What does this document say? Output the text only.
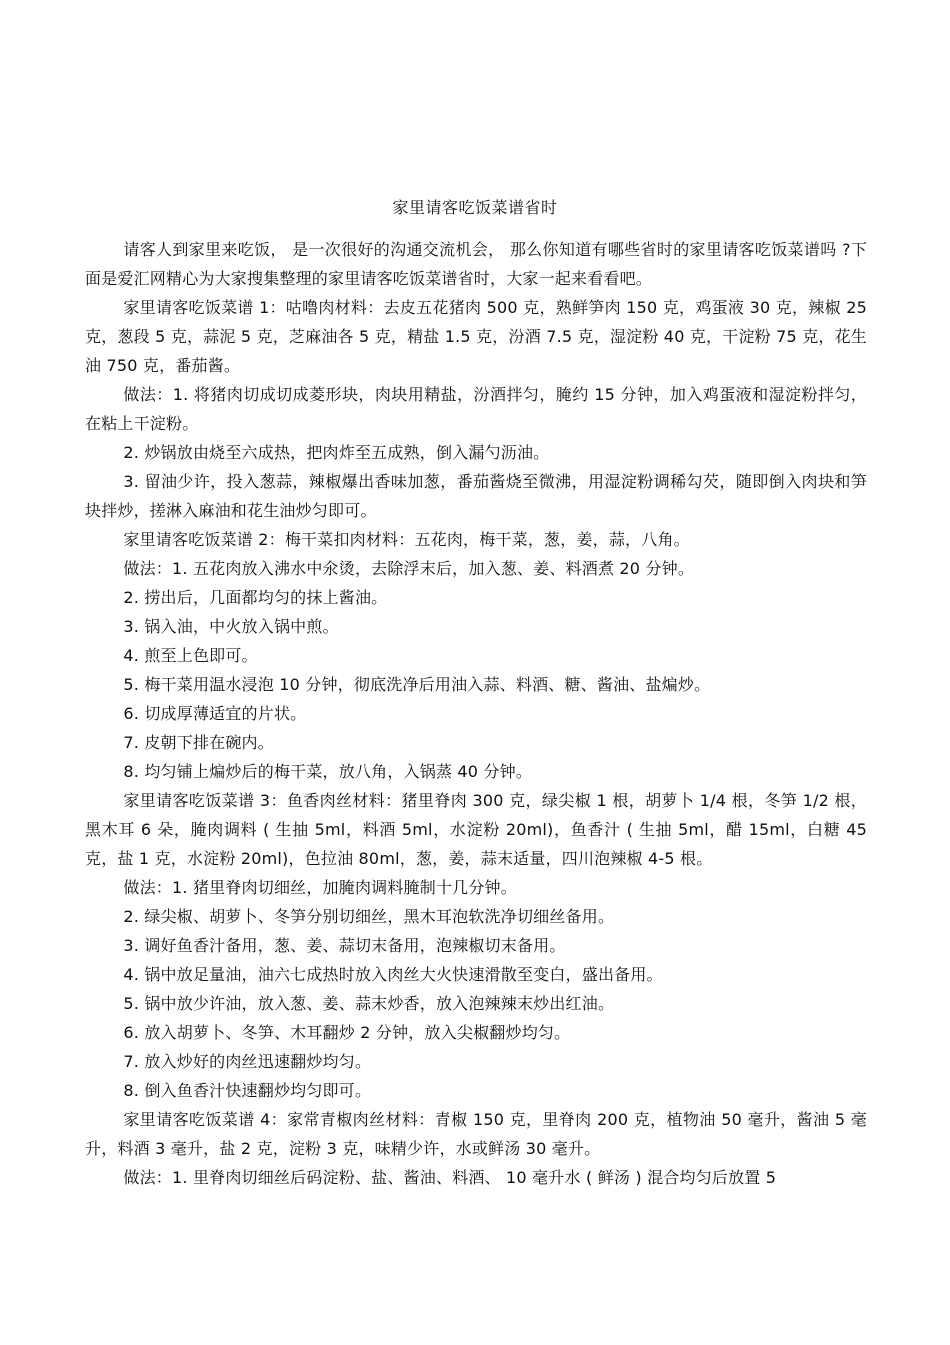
家里请客吃饭菜谱省时

请客人到家里来吃饭， 是一次很好的沟通交流机会， 那么你知道有哪些省时的家里请客吃饭菜谱吗 ?下面是爱汇网精心为大家搜集整理的家里请客吃饭菜谱省时，大家一起来看看吧。

家里请客吃饭菜谱 1：咕噜肉材料：去皮五花猪肉 500 克，熟鲜笋肉 150 克，鸡蛋液 30 克，辣椒 25 克，葱段 5 克，蒜泥 5 克，芝麻油各 5 克，精盐 1.5 克，汾酒 7.5 克，湿淀粉 40 克，干淀粉 75 克，花生油 750 克，番茄酱。

做法：1. 将猪肉切成切成菱形块，肉块用精盐，汾酒拌匀，腌约 15 分钟，加入鸡蛋液和湿淀粉拌匀，在粘上干淀粉。

2. 炒锅放由烧至六成热，把肉炸至五成熟，倒入漏勺沥油。

3. 留油少许，投入葱蒜，辣椒爆出香味加葱，番茄酱烧至微沸，用湿淀粉调稀勾芡，随即倒入肉块和笋块拌炒，搓淋入麻油和花生油炒匀即可。

家里请客吃饭菜谱 2：梅干菜扣肉材料：五花肉，梅干菜，葱，姜，蒜，八角。

做法：1. 五花肉放入沸水中氽烫，去除浮末后，加入葱、姜、料酒煮 20 分钟。

2. 捞出后，几面都均匀的抹上酱油。

3. 锅入油，中火放入锅中煎。

4. 煎至上色即可。

5. 梅干菜用温水浸泡 10 分钟，彻底洗净后用油入蒜、料酒、糖、酱油、盐煸炒。

6. 切成厚薄适宜的片状。

7. 皮朝下排在碗内。

8. 均匀铺上煸炒后的梅干菜，放八角，入锅蒸 40 分钟。

家里请客吃饭菜谱 3：鱼香肉丝材料：猪里脊肉 300 克，绿尖椒 1 根，胡萝卜 1/4 根，冬笋 1/2 根，黑木耳 6 朵，腌肉调料 ( 生抽 5ml，料酒 5ml，水淀粉 20ml)，鱼香汁 ( 生抽 5ml，醋 15ml，白糖 45 克，盐 1 克，水淀粉 20ml)，色拉油 80ml，葱，姜，蒜末适量，四川泡辣椒 4-5 根。

做法：1. 猪里脊肉切细丝，加腌肉调料腌制十几分钟。

2. 绿尖椒、胡萝卜、冬笋分别切细丝，黑木耳泡软洗净切细丝备用。

3. 调好鱼香汁备用，葱、姜、蒜切末备用，泡辣椒切末备用。

4. 锅中放足量油，油六七成热时放入肉丝大火快速滑散至变白，盛出备用。

5. 锅中放少许油，放入葱、姜、蒜末炒香，放入泡辣辣末炒出红油。

6. 放入胡萝卜、冬笋、木耳翻炒 2 分钟，放入尖椒翻炒均匀。

7. 放入炒好的肉丝迅速翻炒均匀。

8. 倒入鱼香汁快速翻炒均匀即可。

家里请客吃饭菜谱 4：家常青椒肉丝材料：青椒 150 克，里脊肉 200 克，植物油 50 毫升，酱油 5 毫升，料酒 3 毫升，盐 2 克，淀粉 3 克，味精少许，水或鲜汤 30 毫升。

做法：1. 里脊肉切细丝后码淀粉、盐、酱油、料酒、 10 毫升水 ( 鲜汤 ) 混合均匀后放置 5
